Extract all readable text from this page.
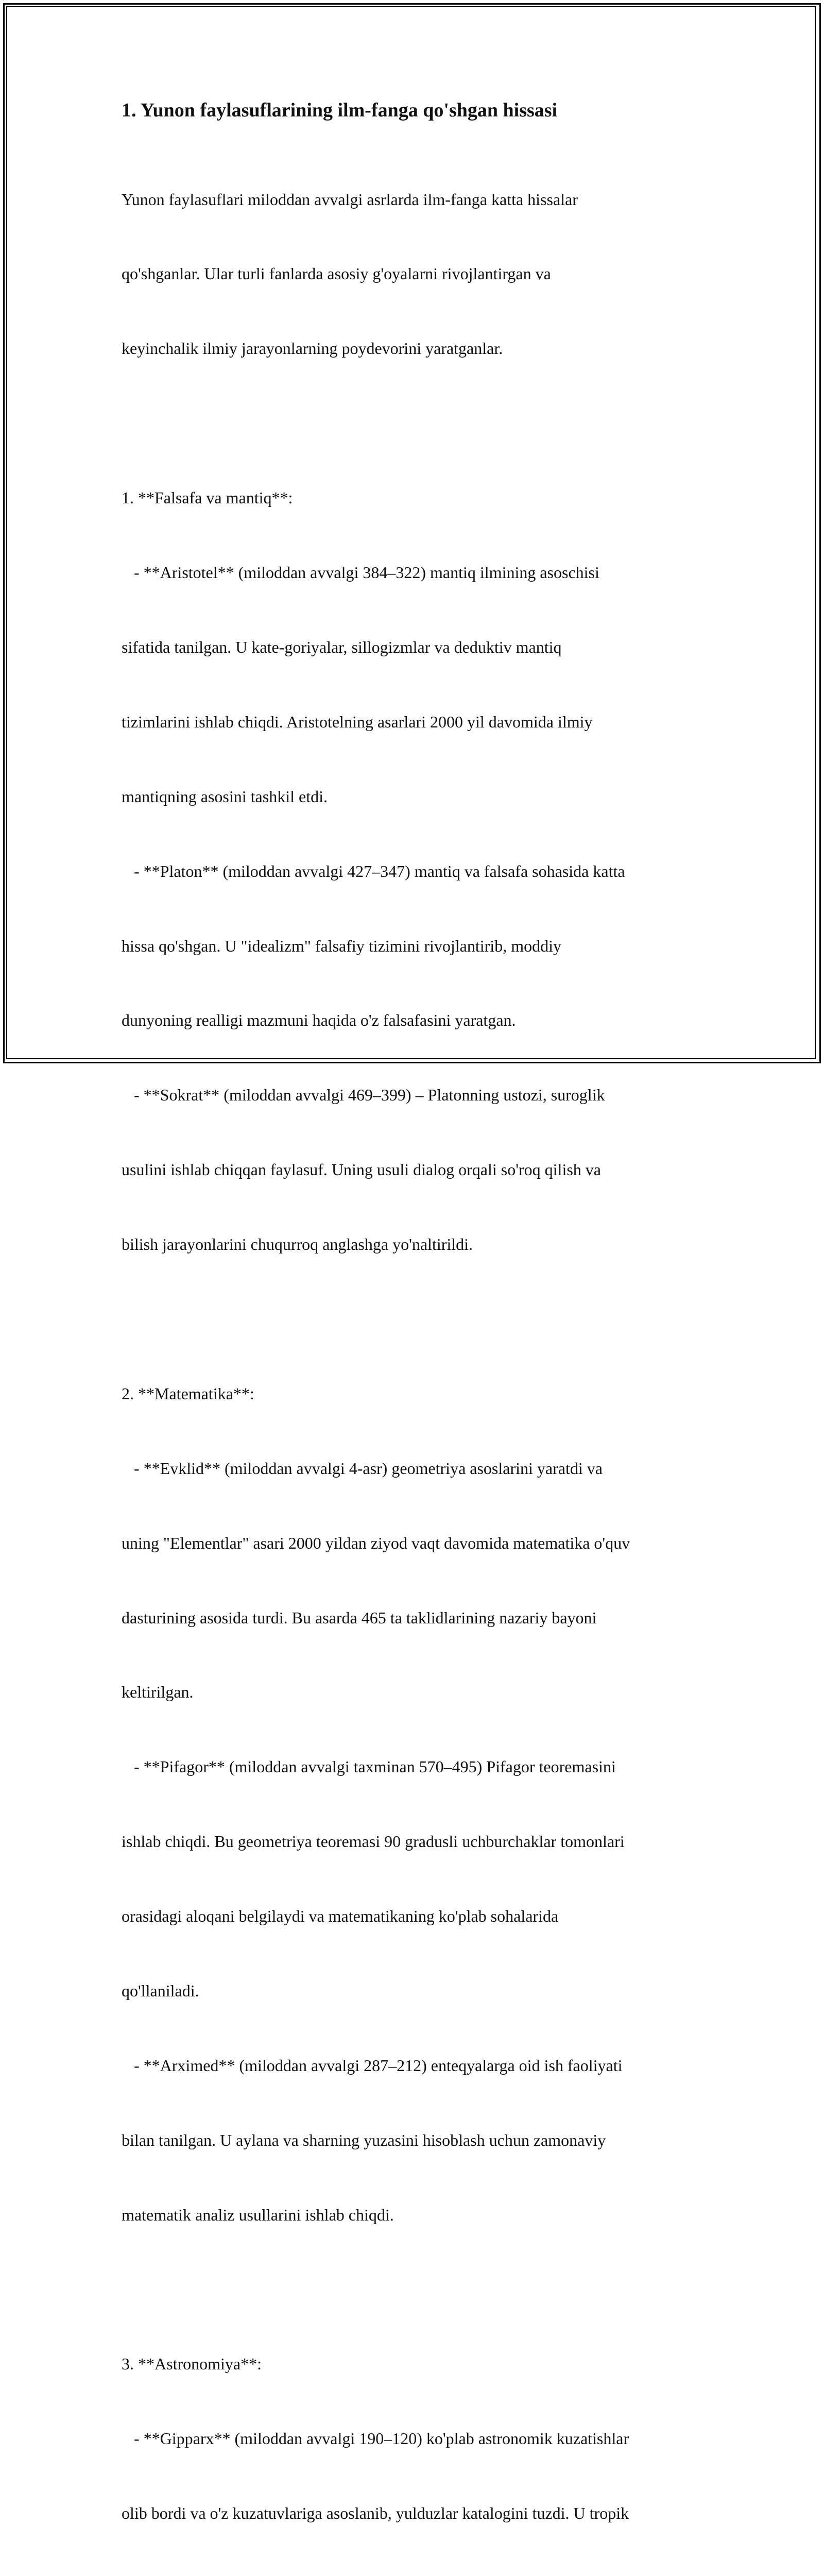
1. Yunon faylasuflarining ilm-fanga qo'shgan hissasi

Yunon faylasuflari miloddan avvalgi asrlarda ilm-fanga katta hissalar

qo'shganlar. Ular turli fanlarda asosiy g'oyalarni rivojlantirgan va

keyinchalik ilmiy jarayonlarning poydevorini yaratganlar.

1. **Falsafa va mantiq**:

- **Aristotel** (miloddan avvalgi 384–322) mantiq ilmining asoschisi

sifatida tanilgan. U kate-goriyalar, sillogizmlar va deduktiv mantiq

tizimlarini ishlab chiqdi. Aristotelning asarlari 2000 yil davomida ilmiy

mantiqning asosini tashkil etdi.

- **Platon** (miloddan avvalgi 427–347) mantiq va falsafa sohasida katta

hissa qo'shgan. U "idealizm" falsafiy tizimini rivojlantirib, moddiy

dunyoning realligi mazmuni haqida o'z falsafasini yaratgan.

- **Sokrat** (miloddan avvalgi 469–399) – Platonning ustozi, suroglik

usulini ishlab chiqqan faylasuf. Uning usuli dialog orqali so'roq qilish va

bilish jarayonlarini chuqurroq anglashga yo'naltirildi.

2. **Matematika**:

- **Evklid** (miloddan avvalgi 4-asr) geometriya asoslarini yaratdi va

uning "Elementlar" asari 2000 yildan ziyod vaqt davomida matematika o'quv

dasturining asosida turdi. Bu asarda 465 ta taklidlarining nazariy bayoni

keltirilgan.

- **Pifagor** (miloddan avvalgi taxminan 570–495) Pifagor teoremasini

ishlab chiqdi. Bu geometriya teoremasi 90 gradusli uchburchaklar tomonlari

orasidagi aloqani belgilaydi va matematikaning ko'plab sohalarida

qo'llaniladi.

- **Arximed** (miloddan avvalgi 287–212) enteqyalarga oid ish faoliyati

bilan tanilgan. U aylana va sharning yuzasini hisoblash uchun zamonaviy

matematik analiz usullarini ishlab chiqdi.

3. **Astronomiya**:

- **Gipparx** (miloddan avvalgi 190–120) ko'plab astronomik kuzatishlar

olib bordi va o'z kuzatuvlariga asoslanib, yulduzlar katalogini tuzdi. U tropik
